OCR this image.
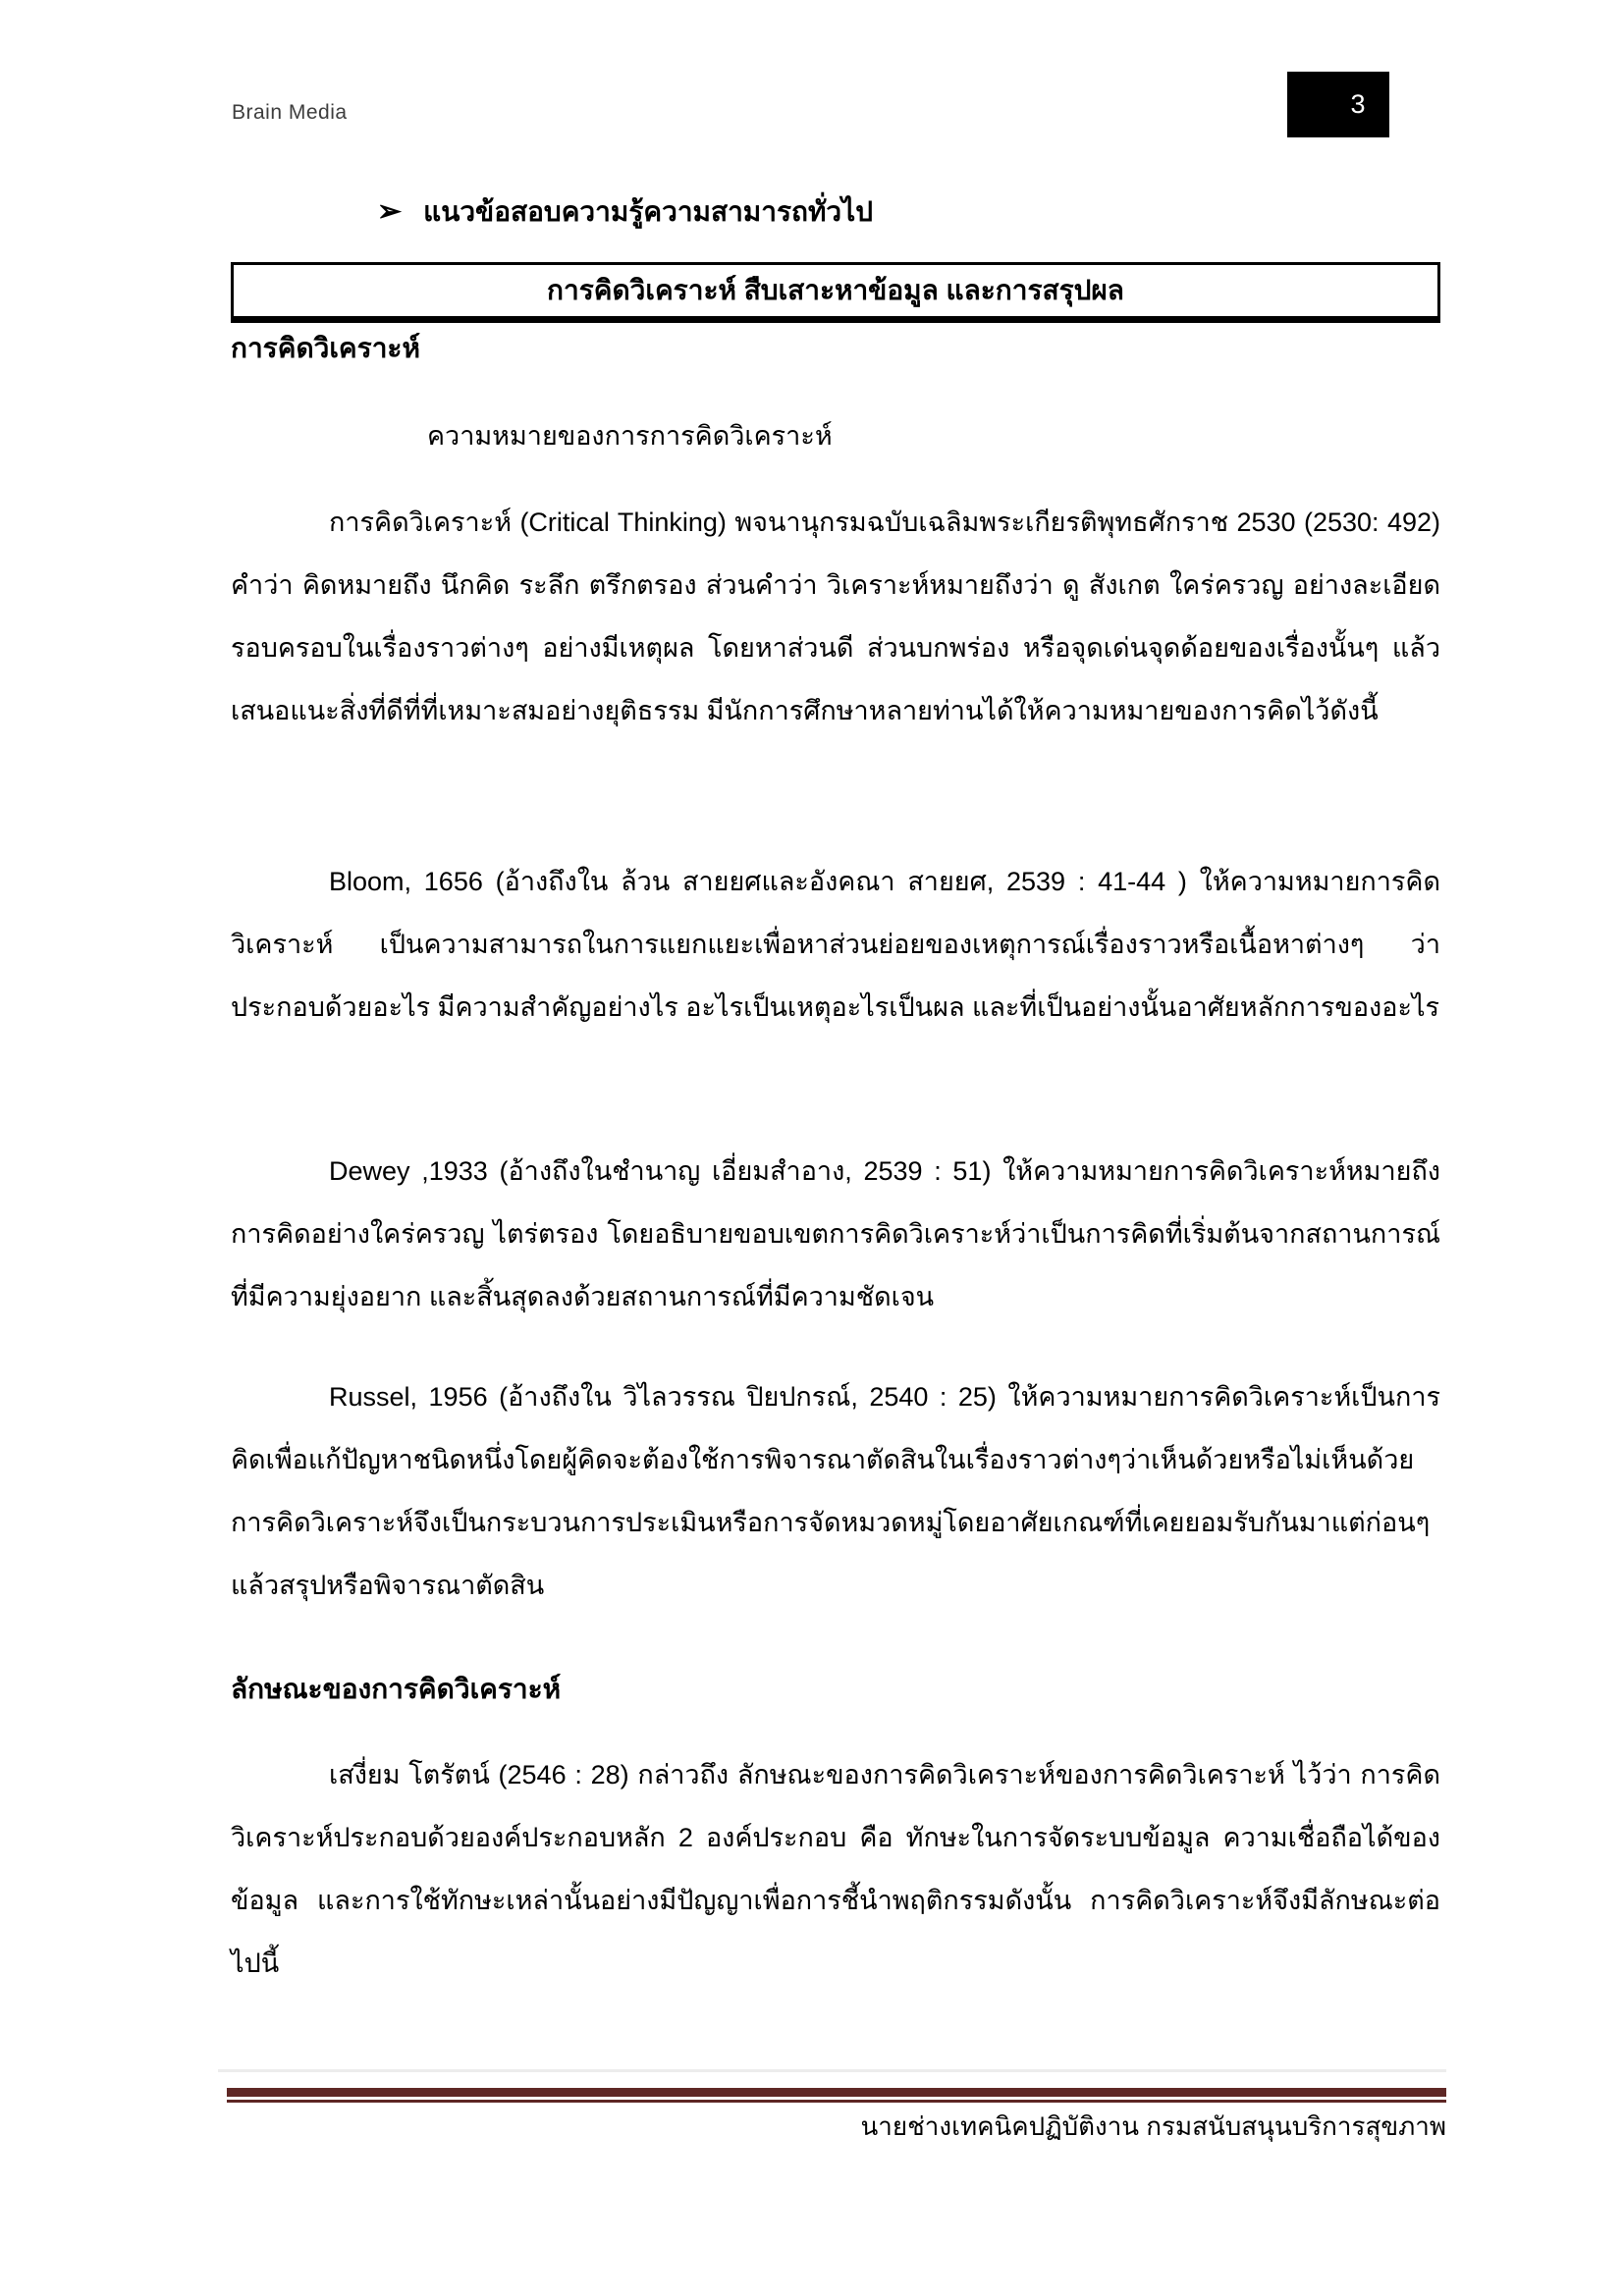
Brain Media	3
➢ แนวข้อสอบความรู้ความสามารถทั่วไป
การคิดวิเคราะห์ สืบเสาะหาข้อมูล และการสรุปผล
การคิดวิเคราะห์
ความหมายของการการคิดวิเคราะห์
การคิดวิเคราะห์ (Critical Thinking) พจนานุกรมฉบับเฉลิมพระเกียรติพุทธศักราช 2530 (2530: 492) คำว่า คิดหมายถึง นึกคิด ระลึก ตรึกตรอง ส่วนคำว่า วิเคราะห์หมายถึงว่า ดู สังเกต ใคร่ครวญ อย่างละเอียดรอบครอบในเรื่องราวต่างๆ อย่างมีเหตุผล โดยหาส่วนดี ส่วนบกพร่อง หรือจุดเด่นจุดด้อยของเรื่องนั้นๆ แล้ว เสนอแนะสิ่งที่ดีที่ที่เหมาะสมอย่างยุติธรรม มีนักการศึกษาหลายท่านได้ให้ความหมายของการคิดไว้ดังนี้
Bloom, 1656 (อ้างถึงใน ล้วน สายยศและอังคณา สายยศ, 2539 : 41-44 ) ให้ความหมายการคิดวิเคราะห์ เป็นความสามารถในการแยกแยะเพื่อหาส่วนย่อยของเหตุการณ์เรื่องราวหรือเนื้อหาต่างๆ ว่าประกอบด้วยอะไร มีความสำคัญอย่างไร อะไรเป็นเหตุอะไรเป็นผล และที่เป็นอย่างนั้นอาศัยหลักการของอะไร
Dewey ,1933 (อ้างถึงในชำนาญ เอี่ยมสำอาง, 2539 : 51) ให้ความหมายการคิดวิเคราะห์หมายถึง การคิดอย่างใคร่ครวญ ไตร่ตรอง โดยอธิบายขอบเขตการคิดวิเคราะห์ว่าเป็นการคิดที่เริ่มต้นจากสถานการณ์ที่มีความยุ่งอยาก และสิ้นสุดลงด้วยสถานการณ์ที่มีความชัดเจน
Russel, 1956 (อ้างถึงใน วิไลวรรณ ปิยปกรณ์, 2540 : 25) ให้ความหมายการคิดวิเคราะห์เป็นการคิดเพื่อแก้ปัญหาชนิดหนึ่งโดยผู้คิดจะต้องใช้การพิจารณาตัดสินในเรื่องราวต่างๆว่าเห็นด้วยหรือไม่เห็นด้วย การคิดวิเคราะห์จึงเป็นกระบวนการประเมินหรือการจัดหมวดหมู่โดยอาศัยเกณฑ์ที่เคยยอมรับกันมาแต่ก่อนๆ แล้วสรุปหรือพิจารณาตัดสิน
ลักษณะของการคิดวิเคราะห์
เสงี่ยม โตรัตน์ (2546 : 28) กล่าวถึง ลักษณะของการคิดวิเคราะห์ของการคิดวิเคราะห์ ไว้ว่า การคิดวิเคราะห์ประกอบด้วยองค์ประกอบหลัก 2 องค์ประกอบ คือ ทักษะในการจัดระบบข้อมูล ความเชื่อถือได้ของข้อมูล และการใช้ทักษะเหล่านั้นอย่างมีปัญญาเพื่อการชี้นำพฤติกรรมดังนั้น การคิดวิเคราะห์จึงมีลักษณะต่อไปนี้
นายช่างเทคนิคปฏิบัติงาน กรมสนับสนุนบริการสุขภาพ
